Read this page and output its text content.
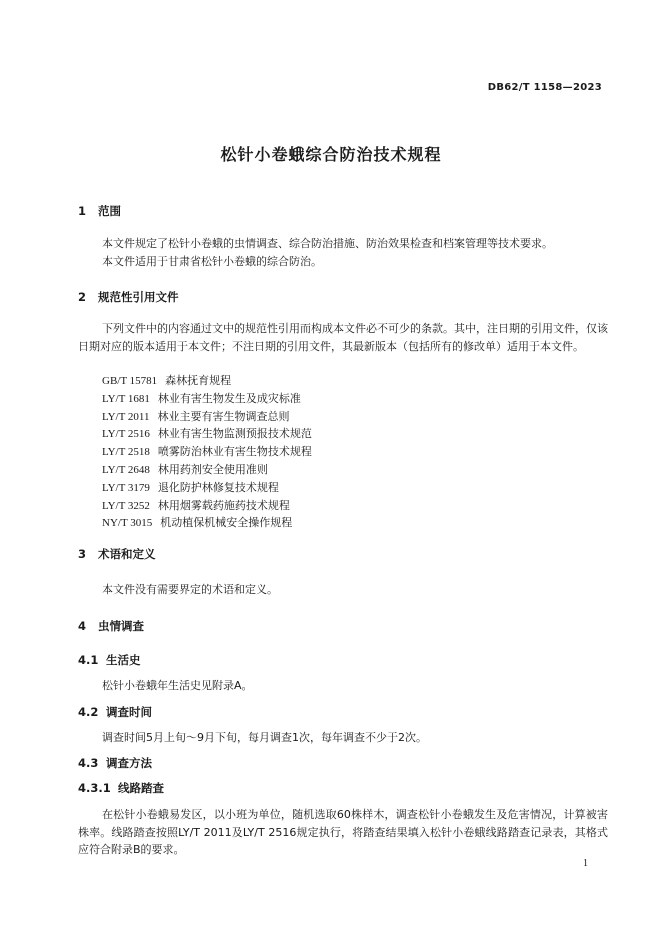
DB62/T 1158—2023
松针小卷蛾综合防治技术规程
1 范围
本文件规定了松针小卷蛾的虫情调查、综合防治措施、防治效果检查和档案管理等技术要求。
本文件适用于甘肃省松针小卷蛾的综合防治。
2 规范性引用文件
下列文件中的内容通过文中的规范性引用而构成本文件必不可少的条款。其中，注日期的引用文件，仅该日期对应的版本适用于本文件；不注日期的引用文件，其最新版本（包括所有的修改单）适用于本文件。
GB/T 15781 森林抚育规程
LY/T 1681 林业有害生物发生及成灾标准
LY/T 2011 林业主要有害生物调查总则
LY/T 2516 林业有害生物监测预报技术规范
LY/T 2518 喷雾防治林业有害生物技术规程
LY/T 2648 林用药剂安全使用准则
LY/T 3179 退化防护林修复技术规程
LY/T 3252 林用烟雾载药施药技术规程
NY/T 3015 机动植保机械安全操作规程
3 术语和定义
本文件没有需要界定的术语和定义。
4 虫情调查
4.1 生活史
松针小卷蛾年生活史见附录A。
4.2 调查时间
调查时间5月上旬～9月下旬，每月调查1次，每年调查不少于2次。
4.3 调查方法
4.3.1 线路踏查
在松针小卷蛾易发区，以小班为单位，随机选取60株样木，调查松针小卷蛾发生及危害情况，计算被害株率。线路踏查按照LY/T 2011及LY/T 2516规定执行，将踏查结果填入松针小卷蛾线路踏查记录表，其格式应符合附录B的要求。
1
